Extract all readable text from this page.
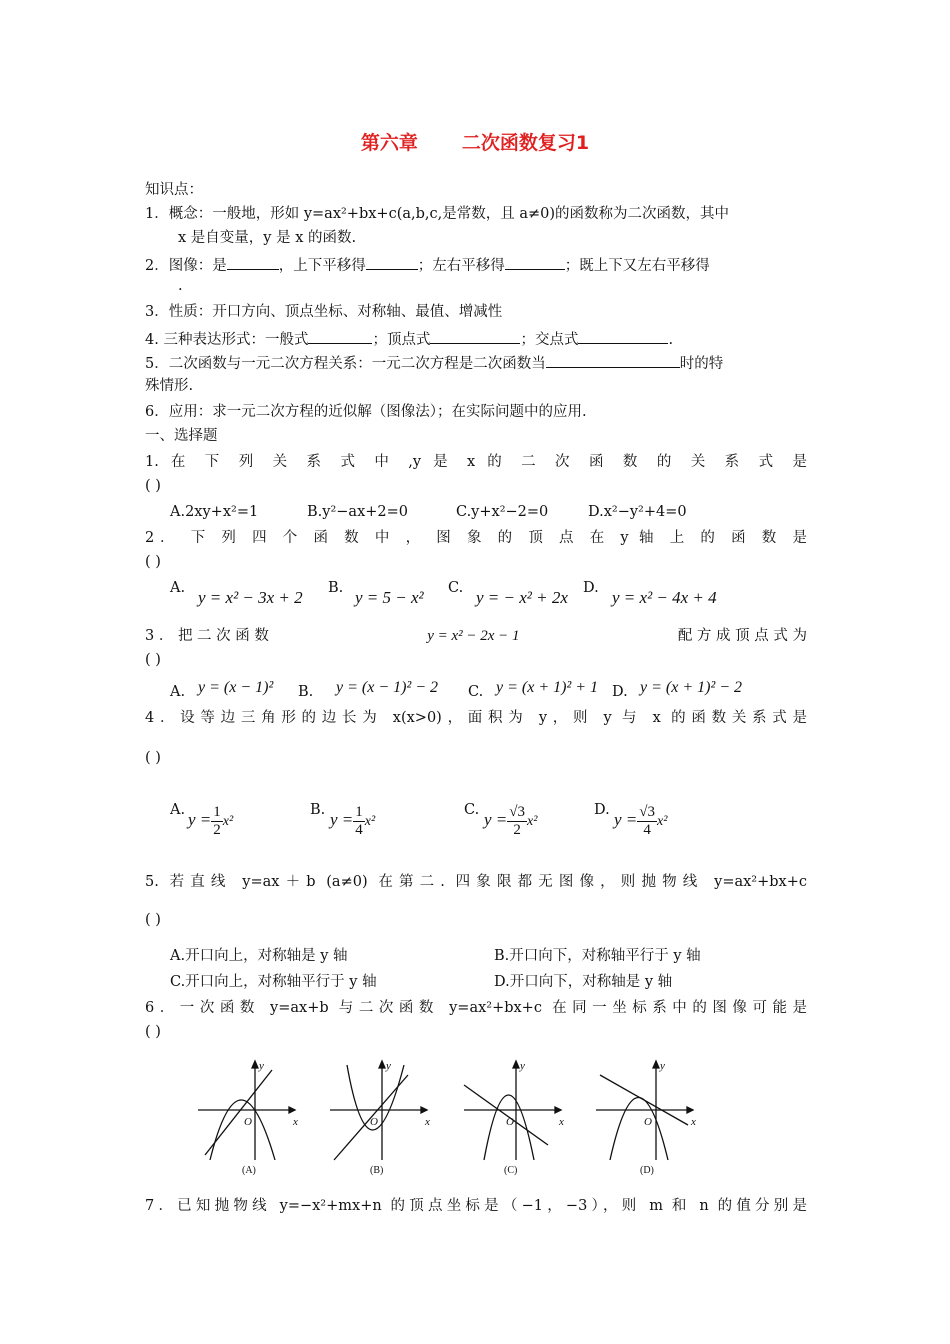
第六章 二次函数复习1
知识点：
1．概念：一般地，形如 y=ax²+bx+c(a,b,c,是常数，且 a≠0)的函数称为二次函数，其中
x 是自变量，y 是 x 的函数.
2．图像：是	，上下平移得	；左右平移得	；既上下又左右平移得
.
3．性质：开口方向、顶点坐标、对称轴、最值、增减性
4. 三种表达形式：一般式	；顶点式	；交点式	.
5．二次函数与一元二次方程关系：一元二次方程是二次函数当	时的特
殊情形.
6．应用：求一元二次方程的近似解（图像法）；在实际问题中的应用.
一、选择题
1. 在 下 列 关 系 式 中 ,y 是 x 的 二 次 函 数 的 关 系 式 是
( )
A.2xy+x²=1	B.y²−ax+2=0	C.y+x²−2=0	D.x²−y²+4=0
2． 下 列 四 个 函 数 中 ， 图 象 的 顶 点 在 y 轴 上 的 函 数 是
( )
A. y = x² − 3x + 2 B. y = 5 − x² C. y = − x² + 2x D. y = x² − 4x + 4
3 ． 把 二 次 函 数	y = x² − 2x − 1	配 方 成 顶 点 式 为
( )
A. y = (x − 1)² B. y = (x − 1)² − 2 C. y = (x + 1)² + 1 D. y = (x + 1)² − 2
4．设等边三角形的边长为 x(x>0)，面积为 y，则 y 与 x 的函数关系式是
( )
A. $y = \frac{1}{2} x^2$
B. $y = \frac{1}{4} x^2$
C. $y = \frac{√3}{2} x^2$
D. $y = \frac{√3}{4} x^2$
5. 若直线 y=ax＋b (a≠0) 在第二. 四象限都无图像，则抛物线 y=ax²+bx+c
( )
A.开口向上，对称轴是 y 轴	B.开口向下，对称轴平行于 y 轴
C.开口向上，对称轴平行于 y 轴	D.开口向下，对称轴是 y 轴
6．一次函数 y=ax+b 与二次函数 y=ax²+bx+c 在同一坐标系中的图像可能是
( )
y
x
O
(A)
y
x
O
(B)
y
x
O
(C)
y
x
O
(D)
7．已知抛物线 y=−x²+mx+n 的顶点坐标是（−1，−3），则 m 和 n 的值分别是
